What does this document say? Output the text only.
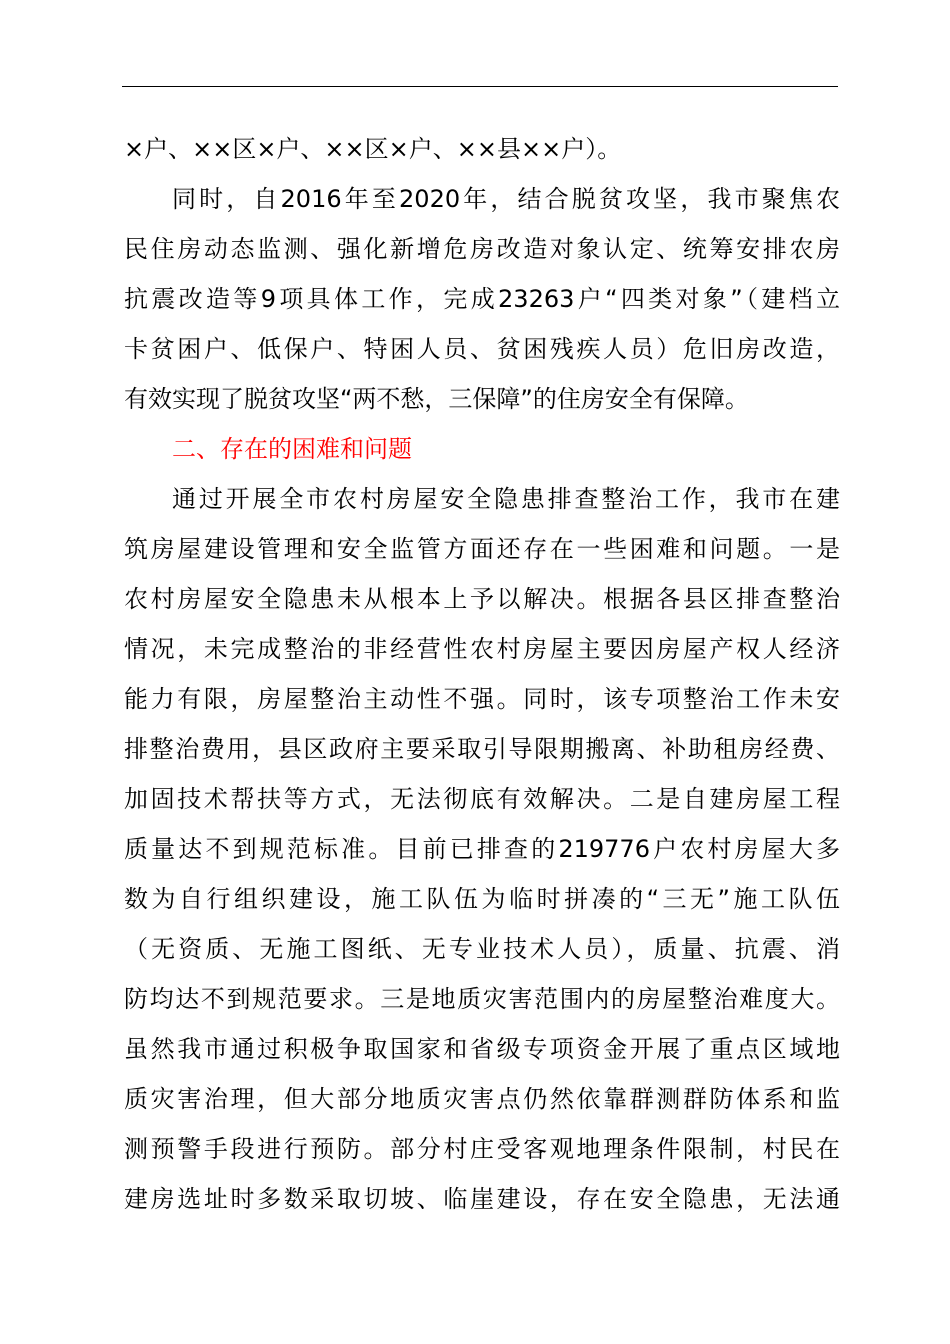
×户、××区×户、××区×户、××县××户）。
同时，自2016年至2020年，结合脱贫攻坚，我市聚焦农
民住房动态监测、强化新增危房改造对象认定、统筹安排农房
抗震改造等9项具体工作，完成23263户“四类对象”（建档立
卡贫困户、低保户、特困人员、贫困残疾人员）危旧房改造，
有效实现了脱贫攻坚“两不愁，三保障”的住房安全有保障。
二、存在的困难和问题
通过开展全市农村房屋安全隐患排查整治工作，我市在建
筑房屋建设管理和安全监管方面还存在一些困难和问题。一是
农村房屋安全隐患未从根本上予以解决。根据各县区排查整治
情况，未完成整治的非经营性农村房屋主要因房屋产权人经济
能力有限，房屋整治主动性不强。同时，该专项整治工作未安
排整治费用，县区政府主要采取引导限期搬离、补助租房经费、
加固技术帮扶等方式，无法彻底有效解决。二是自建房屋工程
质量达不到规范标准。目前已排查的219776户农村房屋大多
数为自行组织建设，施工队伍为临时拼凑的“三无”施工队伍
（无资质、无施工图纸、无专业技术人员），质量、抗震、消
防均达不到规范要求。三是地质灾害范围内的房屋整治难度大。
虽然我市通过积极争取国家和省级专项资金开展了重点区域地
质灾害治理，但大部分地质灾害点仍然依靠群测群防体系和监
测预警手段进行预防。部分村庄受客观地理条件限制，村民在
建房选址时多数采取切坡、临崖建设，存在安全隐患，无法通
